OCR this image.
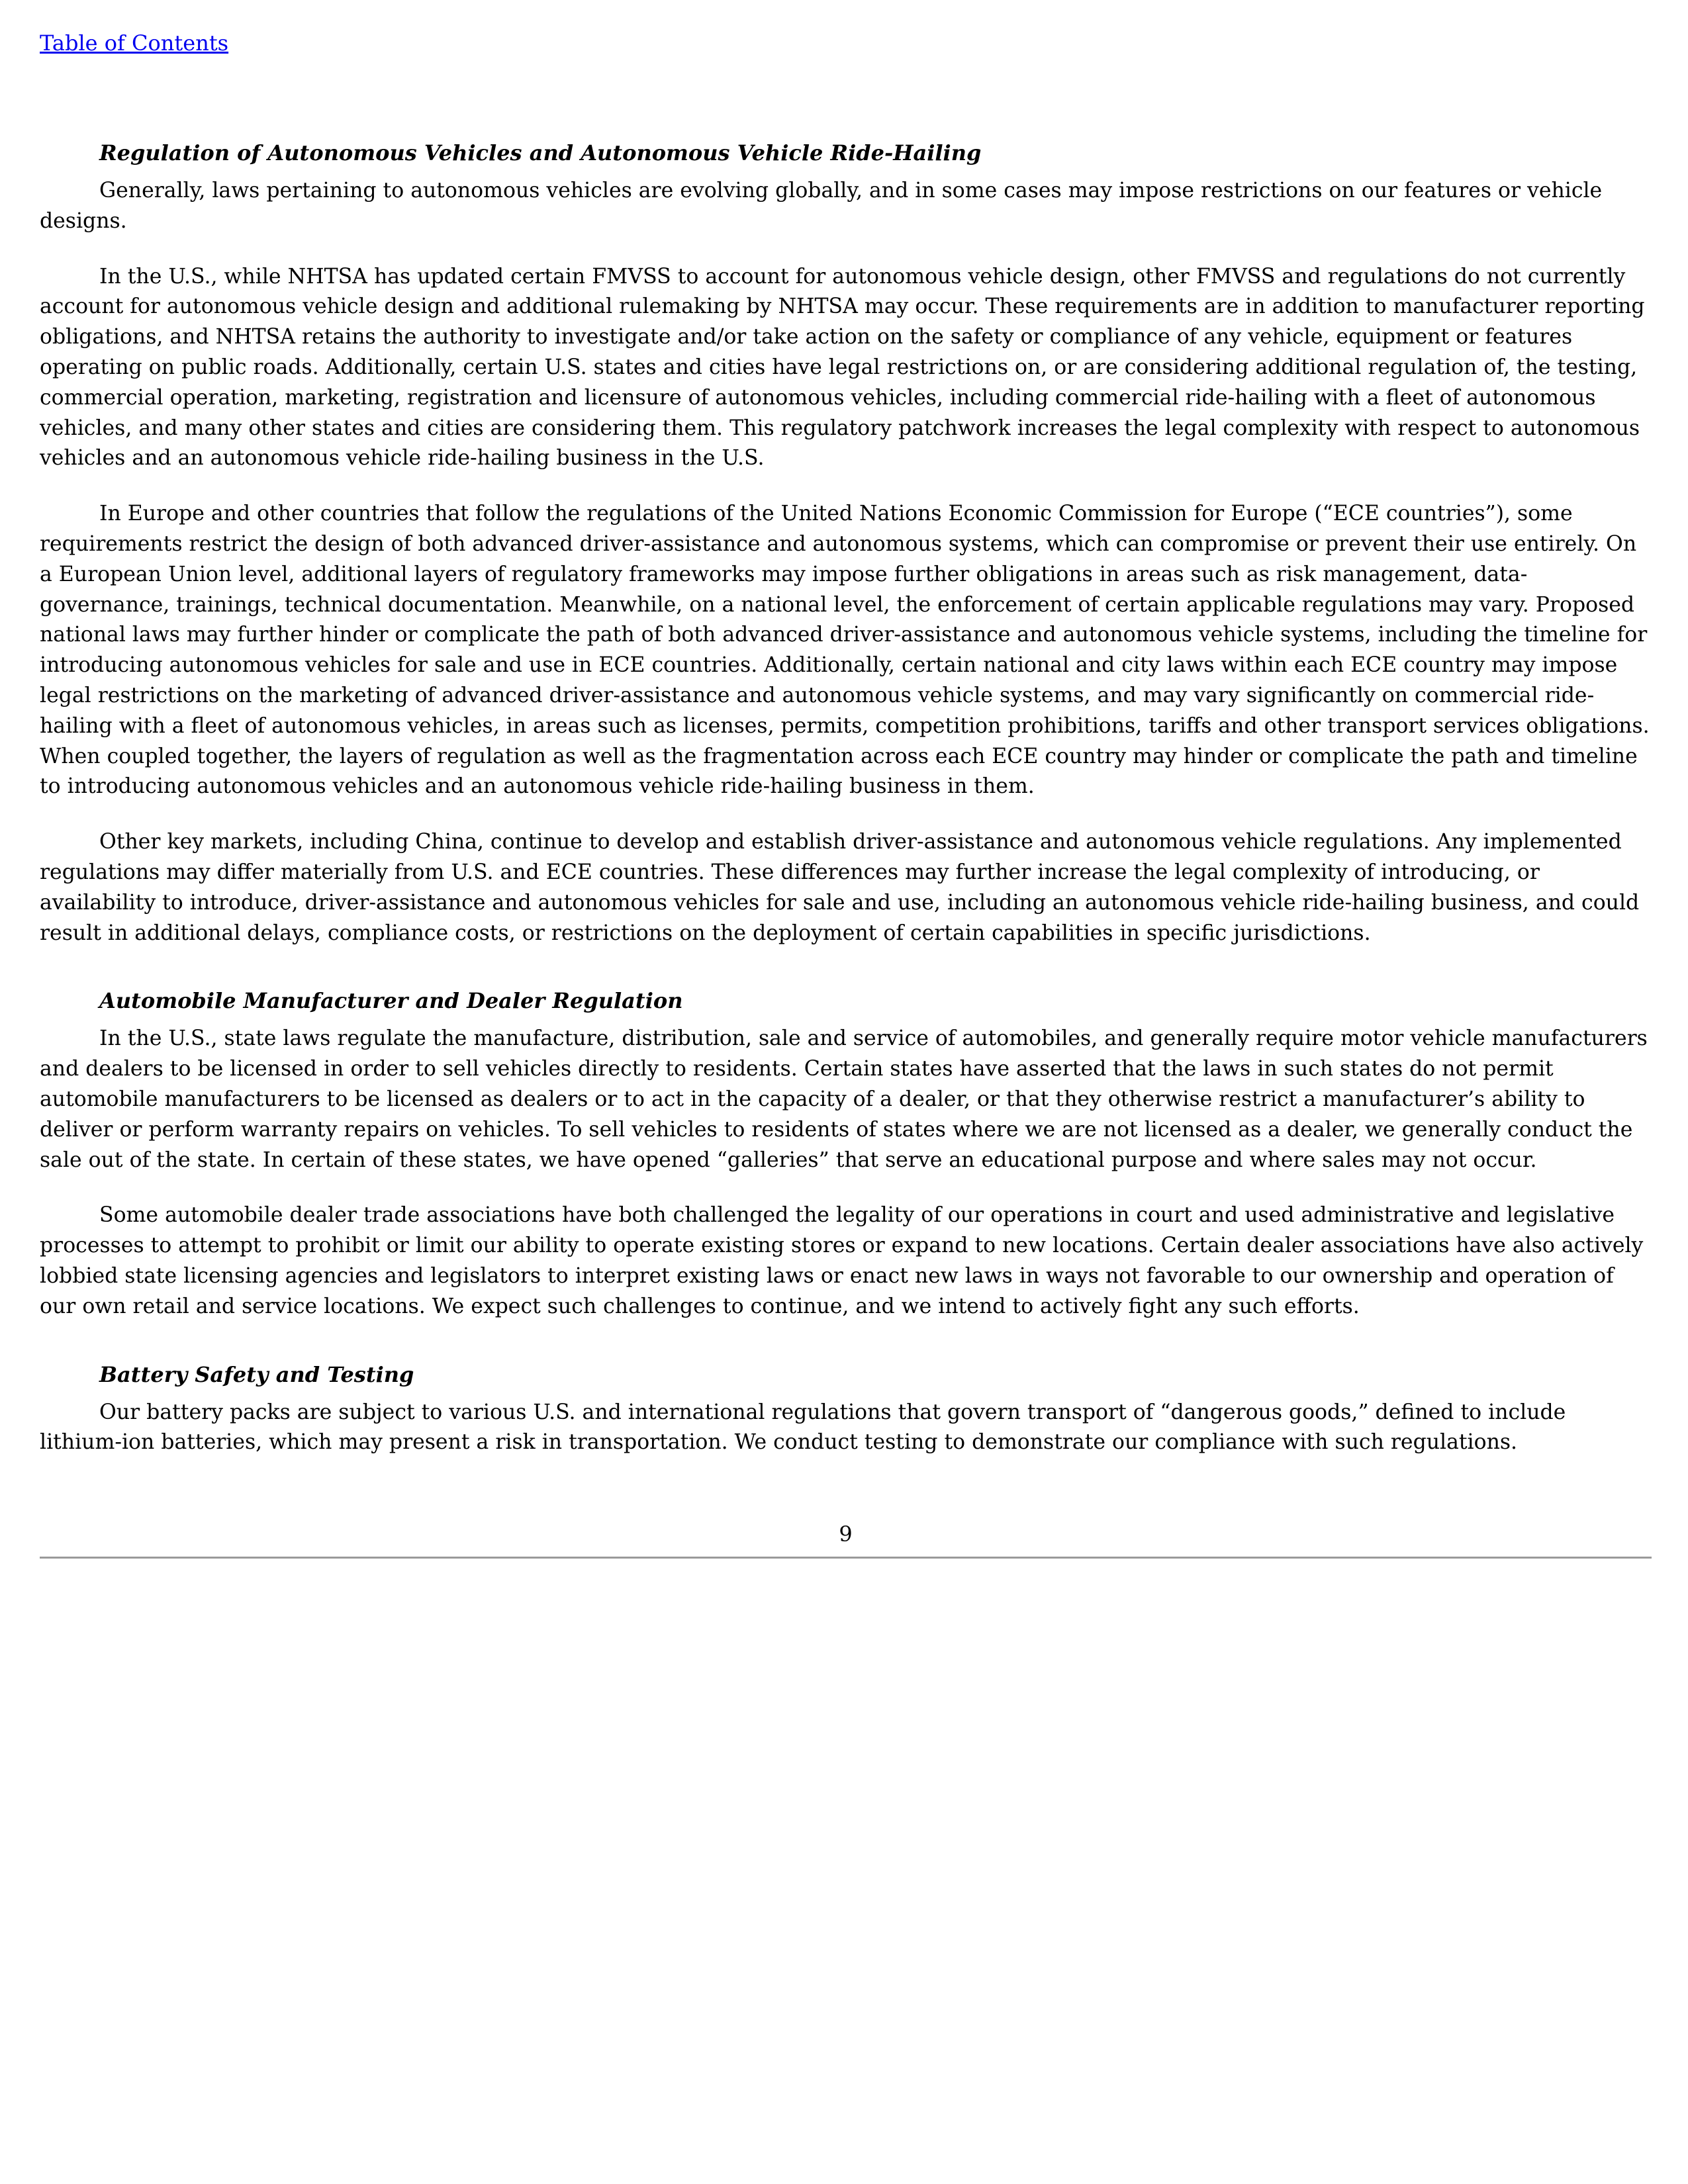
Table of Contents
Regulation of Autonomous Vehicles and Autonomous Vehicle Ride-Hailing

Generally, laws pertaining to autonomous vehicles are evolving globally, and in some cases may impose restrictions on our features or vehicle designs.

In the U.S., while NHTSA has updated certain FMVSS to account for autonomous vehicle design, other FMVSS and regulations do not currently account for autonomous vehicle design and additional rulemaking by NHTSA may occur. These requirements are in addition to manufacturer reporting obligations, and NHTSA retains the authority to investigate and/or take action on the safety or compliance of any vehicle, equipment or features operating on public roads. Additionally, certain U.S. states and cities have legal restrictions on, or are considering additional regulation of, the testing, commercial operation, marketing, registration and licensure of autonomous vehicles, including commercial ride-hailing with a fleet of autonomous vehicles, and many other states and cities are considering them. This regulatory patchwork increases the legal complexity with respect to autonomous vehicles and an autonomous vehicle ride-hailing business in the U.S.

In Europe and other countries that follow the regulations of the United Nations Economic Commission for Europe (“ECE countries”), some requirements restrict the design of both advanced driver-assistance and autonomous systems, which can compromise or prevent their use entirely. On a European Union level, additional layers of regulatory frameworks may impose further obligations in areas such as risk management, data-governance, trainings, technical documentation. Meanwhile, on a national level, the enforcement of certain applicable regulations may vary. Proposed national laws may further hinder or complicate the path of both advanced driver-assistance and autonomous vehicle systems, including the timeline for introducing autonomous vehicles for sale and use in ECE countries. Additionally, certain national and city laws within each ECE country may impose legal restrictions on the marketing of advanced driver-assistance and autonomous vehicle systems, and may vary significantly on commercial ride-hailing with a fleet of autonomous vehicles, in areas such as licenses, permits, competition prohibitions, tariffs and other transport services obligations. When coupled together, the layers of regulation as well as the fragmentation across each ECE country may hinder or complicate the path and timeline to introducing autonomous vehicles and an autonomous vehicle ride-hailing business in them.

Other key markets, including China, continue to develop and establish driver-assistance and autonomous vehicle regulations. Any implemented regulations may differ materially from U.S. and ECE countries. These differences may further increase the legal complexity of introducing, or availability to introduce, driver-assistance and autonomous vehicles for sale and use, including an autonomous vehicle ride-hailing business, and could result in additional delays, compliance costs, or restrictions on the deployment of certain capabilities in specific jurisdictions.

Automobile Manufacturer and Dealer Regulation

In the U.S., state laws regulate the manufacture, distribution, sale and service of automobiles, and generally require motor vehicle manufacturers and dealers to be licensed in order to sell vehicles directly to residents. Certain states have asserted that the laws in such states do not permit automobile manufacturers to be licensed as dealers or to act in the capacity of a dealer, or that they otherwise restrict a manufacturer’s ability to deliver or perform warranty repairs on vehicles. To sell vehicles to residents of states where we are not licensed as a dealer, we generally conduct the sale out of the state. In certain of these states, we have opened “galleries” that serve an educational purpose and where sales may not occur.

Some automobile dealer trade associations have both challenged the legality of our operations in court and used administrative and legislative processes to attempt to prohibit or limit our ability to operate existing stores or expand to new locations. Certain dealer associations have also actively lobbied state licensing agencies and legislators to interpret existing laws or enact new laws in ways not favorable to our ownership and operation of our own retail and service locations. We expect such challenges to continue, and we intend to actively fight any such efforts.

Battery Safety and Testing

Our battery packs are subject to various U.S. and international regulations that govern transport of “dangerous goods,” defined to include lithium-ion batteries, which may present a risk in transportation. We conduct testing to demonstrate our compliance with such regulations.

9
